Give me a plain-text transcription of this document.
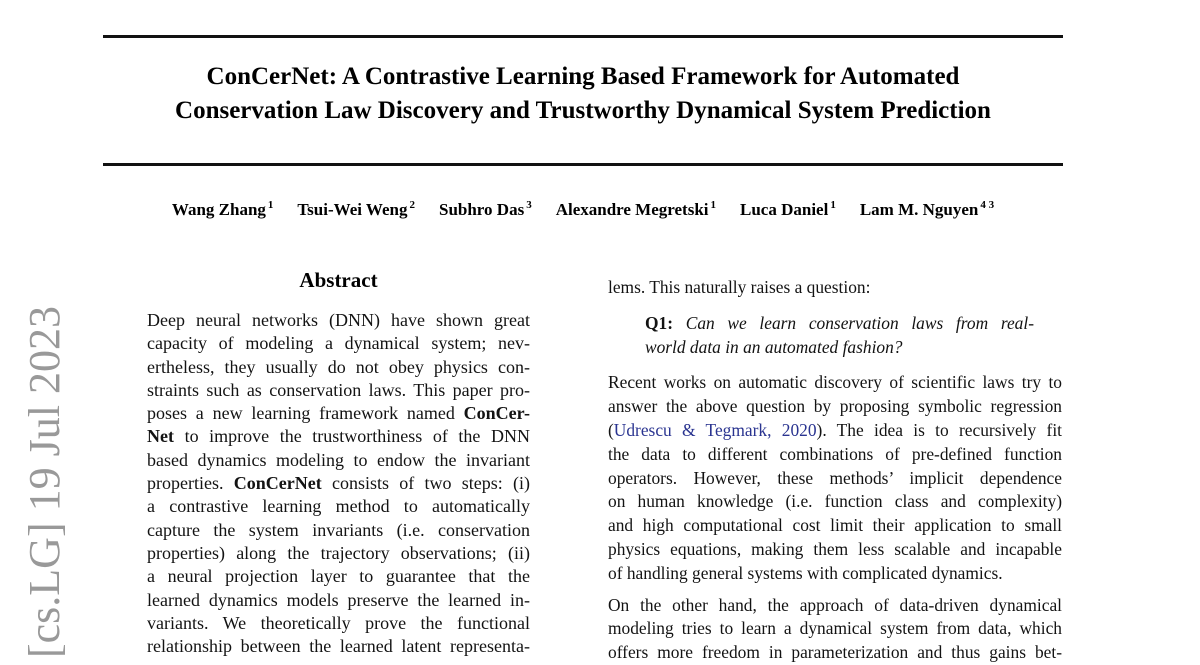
ConCerNet: A Contrastive Learning Based Framework for Automated
Conservation Law Discovery and Trustworthy Dynamical System Prediction
Wang Zhang $^1$ Tsui-Wei Weng $^2$ Subhro Das $^3$ Alexandre Megretski $^1$ Luca Daniel $^1$ Lam M. Nguyen $^{4 3}$
Abstract
Deep neural networks (DNN) have shown great
capacity of modeling a dynamical system; nev-
ertheless, they usually do not obey physics con-
straints such as conservation laws. This paper pro-
poses a new learning framework named ConCer-
Net to improve the trustworthiness of the DNN
based dynamics modeling to endow the invariant
properties. ConCerNet consists of two steps: (i)
a contrastive learning method to automatically
capture the system invariants (i.e. conservation
properties) along the trajectory observations; (ii)
a neural projection layer to guarantee that the
learned dynamics models preserve the learned in-
variants. We theoretically prove the functional
relationship between the learned latent representa-
lems. This naturally raises a question:
Q1: Can we learn conservation laws from real-
world data in an automated fashion?
Recent works on automatic discovery of scientific laws try to
answer the above question by proposing symbolic regression
(Udrescu & Tegmark, 2020). The idea is to recursively fit
the data to different combinations of pre-defined function
operators. However, these methods’ implicit dependence
on human knowledge (i.e. function class and complexity)
and high computational cost limit their application to small
physics equations, making them less scalable and incapable
of handling general systems with complicated dynamics.
On the other hand, the approach of data-driven dynamical
modeling tries to learn a dynamical system from data, which
offers more freedom in parameterization and thus gains bet-
[cs.LG] 19 Jul 2023
